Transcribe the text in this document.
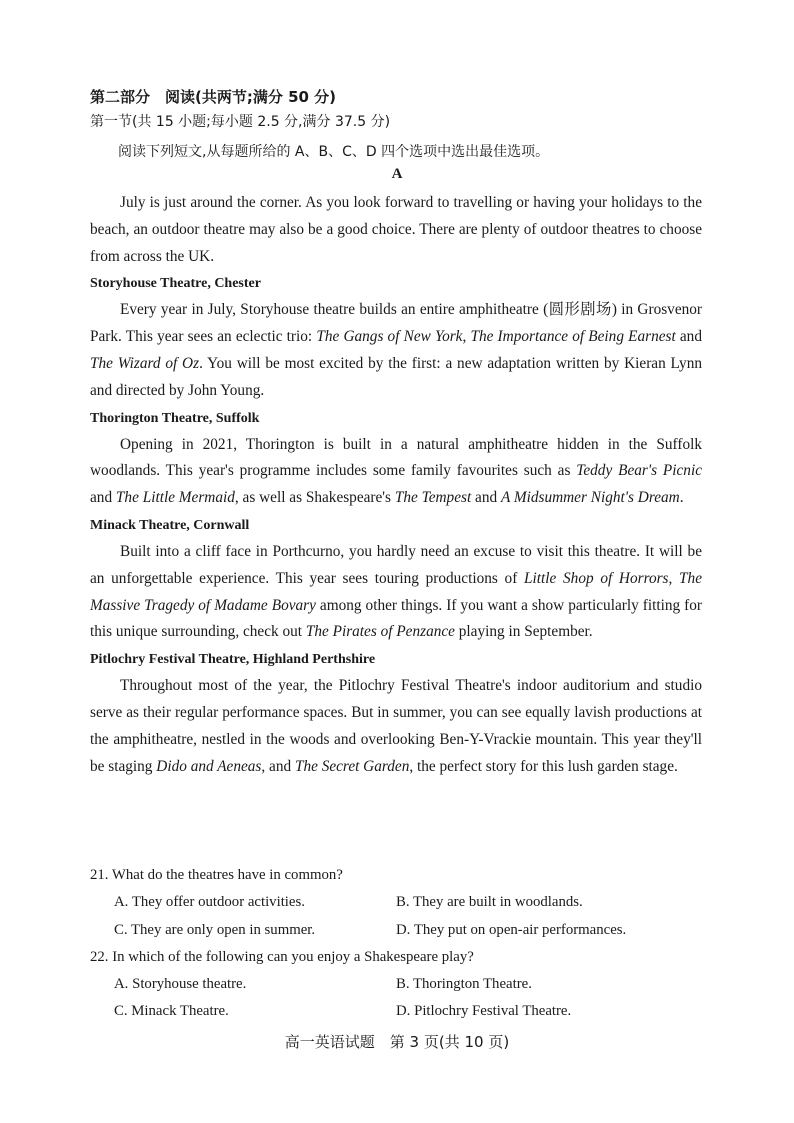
第二部分　阅读(共两节;满分 50 分)
第一节(共 15 小题;每小题 2.5 分,满分 37.5 分)
阅读下列短文,从每题所给的 A、B、C、D 四个选项中选出最佳选项。
A

July is just around the corner. As you look forward to travelling or having your holidays to the beach, an outdoor theatre may also be a good choice. There are plenty of outdoor theatres to choose from across the UK.

Storyhouse Theatre, Chester

Every year in July, Storyhouse theatre builds an entire amphitheatre (圆形剧场) in Grosvenor Park. This year sees an eclectic trio: The Gangs of New York, The Importance of Being Earnest and The Wizard of Oz. You will be most excited by the first: a new adaptation written by Kieran Lynn and directed by John Young.

Thorington Theatre, Suffolk

Opening in 2021, Thorington is built in a natural amphitheatre hidden in the Suffolk woodlands. This year's programme includes some family favourites such as Teddy Bear's Picnic and The Little Mermaid, as well as Shakespeare's The Tempest and A Midsummer Night's Dream.

Minack Theatre, Cornwall

Built into a cliff face in Porthcurno, you hardly need an excuse to visit this theatre. It will be an unforgettable experience. This year sees touring productions of Little Shop of Horrors, The Massive Tragedy of Madame Bovary among other things. If you want a show particularly fitting for this unique surrounding, check out The Pirates of Penzance playing in September.

Pitlochry Festival Theatre, Highland Perthshire

Throughout most of the year, the Pitlochry Festival Theatre's indoor auditorium and studio serve as their regular performance spaces. But in summer, you can see equally lavish productions at the amphitheatre, nestled in the woods and overlooking Ben-Y-Vrackie mountain. This year they'll be staging Dido and Aeneas, and The Secret Garden, the perfect story for this lush garden stage.

21. What do the theatres have in common?

A. They offer outdoor activities.	B. They are built in woodlands.
C. They are only open in summer.	D. They put on open-air performances.

22. In which of the following can you enjoy a Shakespeare play?

A. Storyhouse theatre.	B. Thorington Theatre.
C. Minack Theatre.	D. Pitlochry Festival Theatre.
高一英语试题　第 3 页(共 10 页)
